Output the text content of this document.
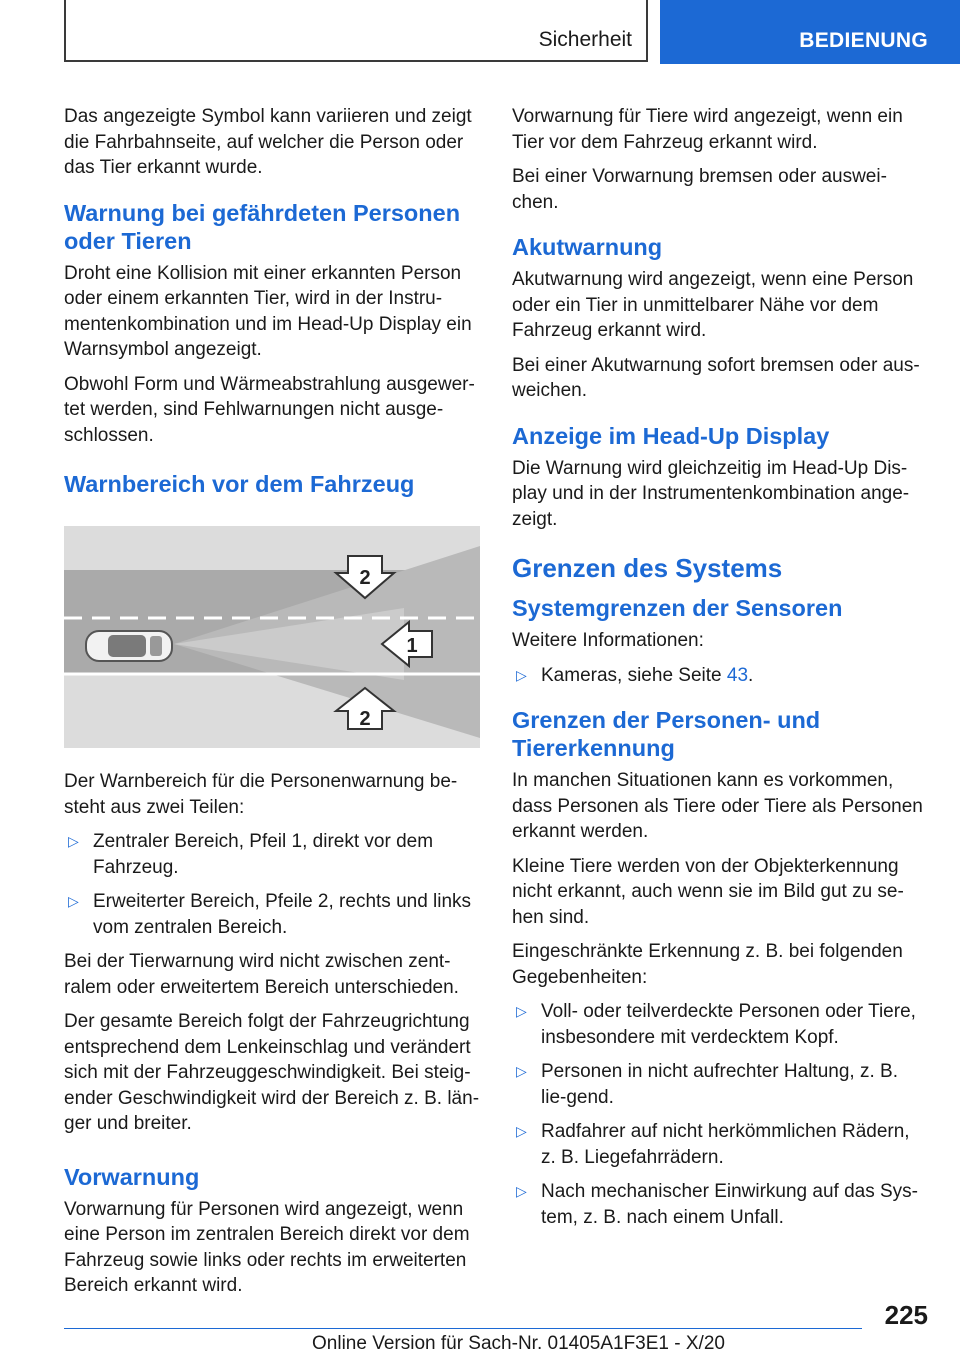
Sicherheit	BEDIENUNG

Das angezeigte Symbol kann variieren und zeigt die Fahrbahnseite, auf welcher die Person oder das Tier erkannt wurde.

Warnung bei gefährdeten Personen oder Tieren

Droht eine Kollision mit einer erkannten Person oder einem erkannten Tier, wird in der Instru‐mentenkombination und im Head-Up Display ein Warnsymbol angezeigt.

Obwohl Form und Wärmeabstrahlung ausgewer‐tet werden, sind Fehlwarnungen nicht ausge‐schlossen.

Warnbereich vor dem Fahrzeug
2
1
2

Der Warnbereich für die Personenwarnung be‐steht aus zwei Teilen:

▷ Zentraler Bereich, Pfeil 1, direkt vor dem Fahrzeug.
▷ Erweiterter Bereich, Pfeile 2, rechts und links vom zentralen Bereich.

Bei der Tierwarnung wird nicht zwischen zent‐ralem oder erweitertem Bereich unterschieden.

Der gesamte Bereich folgt der Fahrzeugrichtung entsprechend dem Lenkeinschlag und verändert sich mit der Fahrzeuggeschwindigkeit. Bei steig‐ender Geschwindigkeit wird der Bereich z. B. län‐ger und breiter.

Vorwarnung

Vorwarnung für Personen wird angezeigt, wenn eine Person im zentralen Bereich direkt vor dem Fahrzeug sowie links oder rechts im erweiterten Bereich erkannt wird.

Vorwarnung für Tiere wird angezeigt, wenn ein Tier vor dem Fahrzeug erkannt wird.

Bei einer Vorwarnung bremsen oder auswei‐chen.

Akutwarnung

Akutwarnung wird angezeigt, wenn eine Person oder ein Tier in unmittelbarer Nähe vor dem Fahrzeug erkannt wird.

Bei einer Akutwarnung sofort bremsen oder aus‐weichen.

Anzeige im Head-Up Display

Die Warnung wird gleichzeitig im Head-Up Dis‐play und in der Instrumentenkombination ange‐zeigt.

Grenzen des Systems
Systemgrenzen der Sensoren

Weitere Informationen:

▷ Kameras, siehe Seite 43.
Grenzen der Personen- und Tiererkennung

In manchen Situationen kann es vorkommen, dass Personen als Tiere oder Tiere als Personen erkannt werden.

Kleine Tiere werden von der Objekterkennung nicht erkannt, auch wenn sie im Bild gut zu se‐hen sind.

Eingeschränkte Erkennung z. B. bei folgenden Gegebenheiten:

▷ Voll- oder teilverdeckte Personen oder Tiere, insbesondere mit verdecktem Kopf.
▷ Personen in nicht aufrechter Haltung, z. B. lie‐gend.
▷ Radfahrer auf nicht herkömmlichen Rädern, z. B. Liegefahrrädern.
▷ Nach mechanischer Einwirkung auf das Sys‐tem, z. B. nach einem Unfall.
225
Online Version für Sach-Nr. 01405A1F3E1 - X/20
